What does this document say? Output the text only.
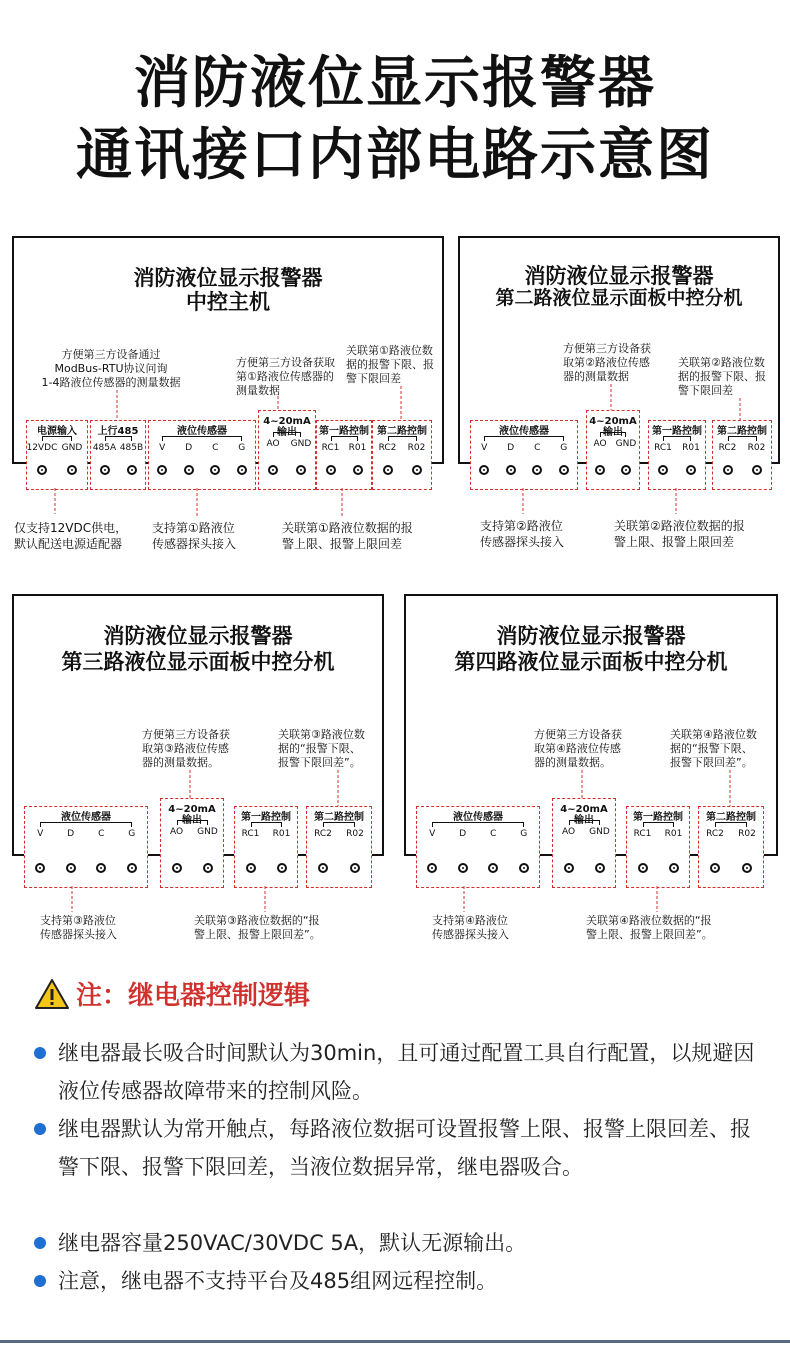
消防液位显示报警器
通讯接口内部电路示意图
消防液位显示报警器
中控主机
方便第三方设备通过
ModBus-RTU协议问询
1-4路液位传感器的测量数据
方便第三方设备获取
第①路液位传感器的
测量数据
关联第①路液位数
据的报警下限、报
警下限回差
消防液位显示报警器
第二路液位显示面板中控分机
方便第三方设备获
取第②路液位传感
器的测量数据
关联第②路液位数
据的报警下限、报
警下限回差
消防液位显示报警器
第三路液位显示面板中控分机
方便第三方设备获
取第③路液位传感
器的测量数据。
关联第③路液位数
据的“报警下限、
报警下限回差”。
消防液位显示报警器
第四路液位显示面板中控分机
方便第三方设备获
取第④路液位传感
器的测量数据。
关联第④路液位数
据的“报警下限、
报警下限回差”。
电源输入
12VDC GND
上行485
485A 485B
液位传感器
V	D	C	G
4~20mA
输出
AO	GND
第一路控制
RC1	R01
第二路控制
RC2	R02
液位传感器
V	D	C	G
4~20mA
输出
AO	GND
第一路控制
RC1	R01
第二路控制
RC2	R02
液位传感器
V	D	C	G
4~20mA
输出
AO	GND
第一路控制
RC1	R01
第二路控制
RC2	R02
液位传感器
V	D	C	G
4~20mA
输出
AO	GND
第一路控制
RC1	R01
第二路控制
RC2	R02
仅支持12VDC供电，
默认配送电源适配器
支持第①路液位
传感器探头接入
关联第①路液位数据的报
警上限、报警上限回差
支持第②路液位
传感器探头接入
关联第②路液位数据的报
警上限、报警上限回差
支持第③路液位
传感器探头接入
关联第③路液位数据的“报
警上限、报警上限回差”。
支持第④路液位
传感器探头接入
关联第④路液位数据的“报
警上限、报警上限回差”。
注：继电器控制逻辑
继电器最长吸合时间默认为30min，且可通过配置工具自行配置，以规避因液位传感器故障带来的控制风险。
继电器默认为常开触点，每路液位数据可设置报警上限、报警上限回差、报警下限、报警下限回差，当液位数据异常，继电器吸合。
继电器容量250VAC/30VDC 5A，默认无源输出。
注意，继电器不支持平台及485组网远程控制。
